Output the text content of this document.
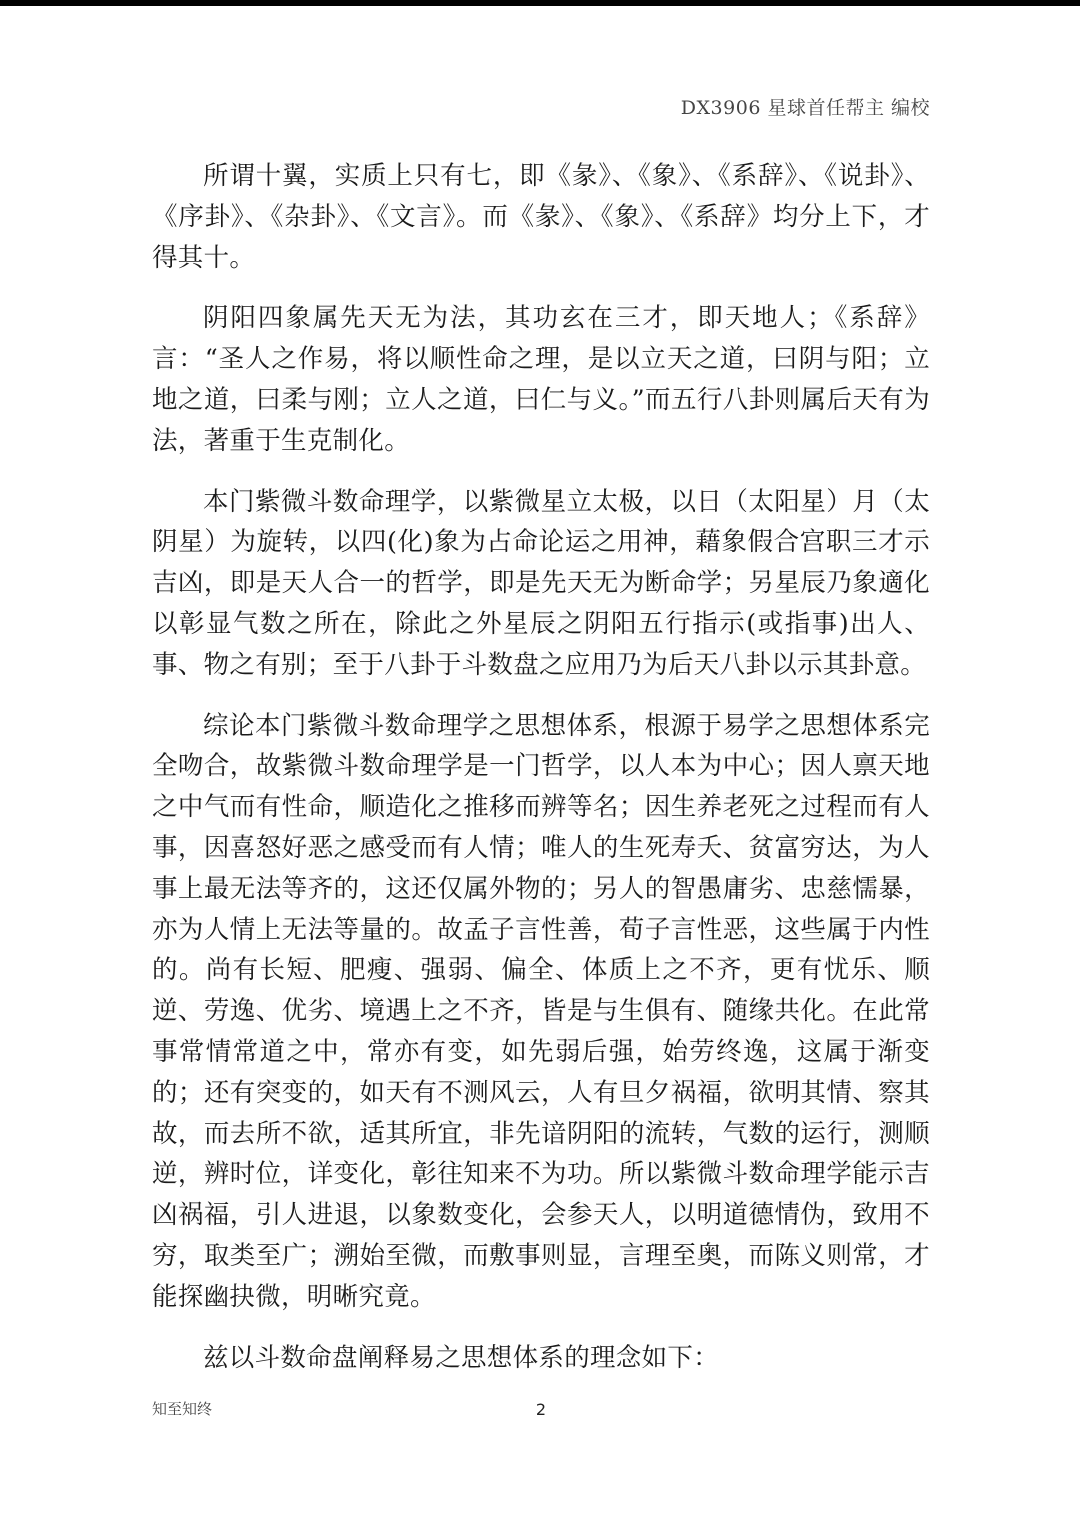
DX3906 星球首任帮主 编校

所谓十翼，实质上只有七，即《彖》、《象》、《系辞》、《说卦》、《序卦》、《杂卦》、《文言》。而《彖》、《象》、《系辞》均分上下，才得其十。

阴阳四象属先天无为法，其功玄在三才，即天地人；《系辞》言：“圣人之作易，将以顺性命之理，是以立天之道，曰阴与阳；立地之道，曰柔与刚；立人之道，曰仁与义。”而五行八卦则属后天有为法，著重于生克制化。

本门紫微斗数命理学，以紫微星立太极，以日（太阳星）月（太阴星）为旋转，以四(化)象为占命论运之用神，藉象假合宫职三才示吉凶，即是天人合一的哲学，即是先天无为断命学；另星辰乃象適化以彰显气数之所在，除此之外星辰之阴阳五行指示(或指事)出人、事、物之有别；至于八卦于斗数盘之应用乃为后天八卦以示其卦意。

综论本门紫微斗数命理学之思想体系，根源于易学之思想体系完全吻合，故紫微斗数命理学是一门哲学，以人本为中心；因人禀天地之中气而有性命，顺造化之推移而辨等名；因生养老死之过程而有人事，因喜怒好恶之感受而有人情；唯人的生死寿夭、贫富穷达，为人事上最无法等齐的，这还仅属外物的；另人的智愚庸劣、忠慈懦暴，亦为人情上无法等量的。故孟子言性善，荀子言性恶，这些属于内性的。尚有长短、肥瘦、强弱、偏全、体质上之不齐，更有忧乐、顺逆、劳逸、优劣、境遇上之不齐，皆是与生俱有、随缘共化。在此常事常情常道之中，常亦有变，如先弱后强，始劳终逸，这属于渐变的；还有突变的，如天有不测风云，人有旦夕祸福，欲明其情、察其故，而去所不欲，适其所宜，非先谙阴阳的流转，气数的运行，测顺逆，辨时位，详变化，彰往知来不为功。所以紫微斗数命理学能示吉凶祸福，引人进退，以象数变化，会参天人，以明道德情伪，致用不穷，取类至广；溯始至微，而敷事则显，言理至奥，而陈义则常，才能探幽抉微，明晰究竟。

兹以斗数命盘阐释易之思想体系的理念如下：

知至知终	2
